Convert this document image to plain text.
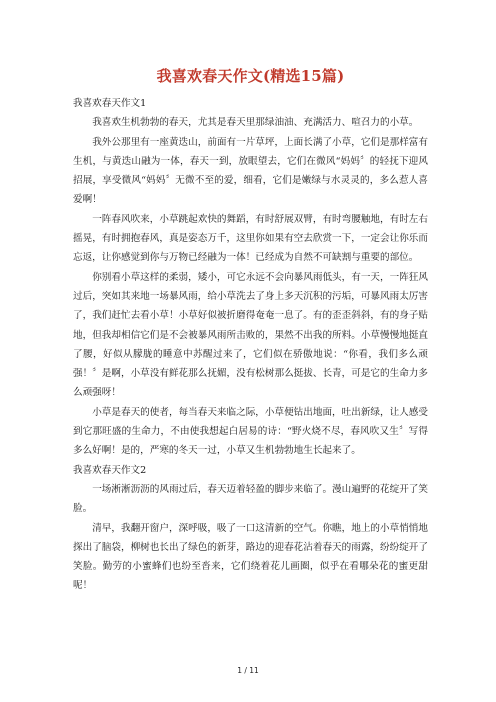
我喜欢春天作文(精选15篇)

我喜欢春天作文1

我喜欢生机勃勃的春天，尤其是春天里那绿油油、充满活力、喧召力的小草。

我外公那里有一座黄迭山，前面有一片草坪，上面长满了小草，它们是那样富有生机，与黄迭山融为一体，春天一到，放眼望去，它们在微风“妈妈〞的轻抚下迎风招展，享受微风“妈妈〞无微不至的爱，细看，它们是嫩绿与水灵灵的，多么惹人喜爱啊！

一阵春风吹来，小草跳起欢快的舞蹈，有时舒展双臂，有时弯腰触地，有时左右摇晃，有时拥抱春风，真是姿态万千，这里你如果有空去欣赏一下，一定会让你乐而忘返，让你感觉到你与万物已经融为一体！已经成为自然不可缺割与重要的部位。

你别看小草这样的柔弱，矮小，可它永远不会向暴风雨低头，有一天，一阵狂风过后，突如其来地一场暴风雨，给小草洗去了身上多天沉积的污垢，可暴风雨太厉害了，我们赶忙去看小草！小草好似被折磨得奄奄一息了。有的歪歪斜斜，有的身子贴地，但我却相信它们是不会被暴风雨所击败的，果然不出我的所料。小草慢慢地挺直了腰，好似从朦胧的睡意中苏醒过来了，它们似在骄傲地说：“你看，我们多么顽强！〞是啊，小草没有鲜花那么抚媚，没有松树那么挺拔、长青，可是它的生命力多么顽强呀！

小草是春天的使者，每当春天来临之际，小草便钻出地面，吐出新绿，让人感受到它那旺盛的生命力，不由使我想起白居易的诗：“野火烧不尽，春风吹又生〞写得多么好啊！是的，严寒的冬天一过，小草又生机勃勃地生长起来了。

我喜欢春天作文2

一场淅淅沥沥的风雨过后，春天迈着轻盈的脚步来临了。漫山遍野的花绽开了笑脸。

清早，我翻开窗户，深呼吸，吸了一口这清新的空气。你瞧，地上的小草悄悄地探出了脑袋，柳树也长出了绿色的新芽，路边的迎春花沾着春天的雨露，纷纷绽开了笑脸。勤劳的小蜜蜂们也纷至沓来，它们绕着花儿画圈，似乎在看哪朵花的蜜更甜呢！

1 / 11
